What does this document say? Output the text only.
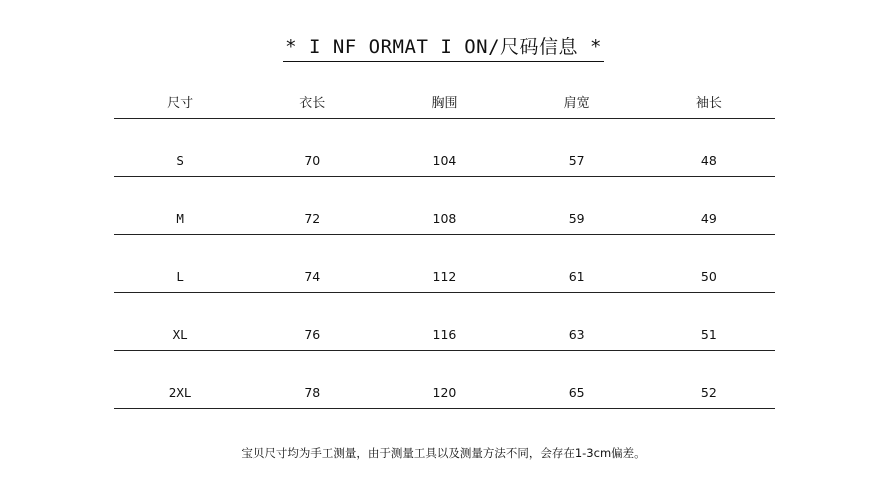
* I NF ORMAT I ON/尺码信息 *
尺寸	衣长	胸围	肩宽	袖长
S	70	104	57	48
M	72	108	59	49
L	74	112	61	50
XL	76	116	63	51
2XL	78	120	65	52
宝贝尺寸均为手工测量，由于测量工具以及测量方法不同，会存在1-3cm偏差。
